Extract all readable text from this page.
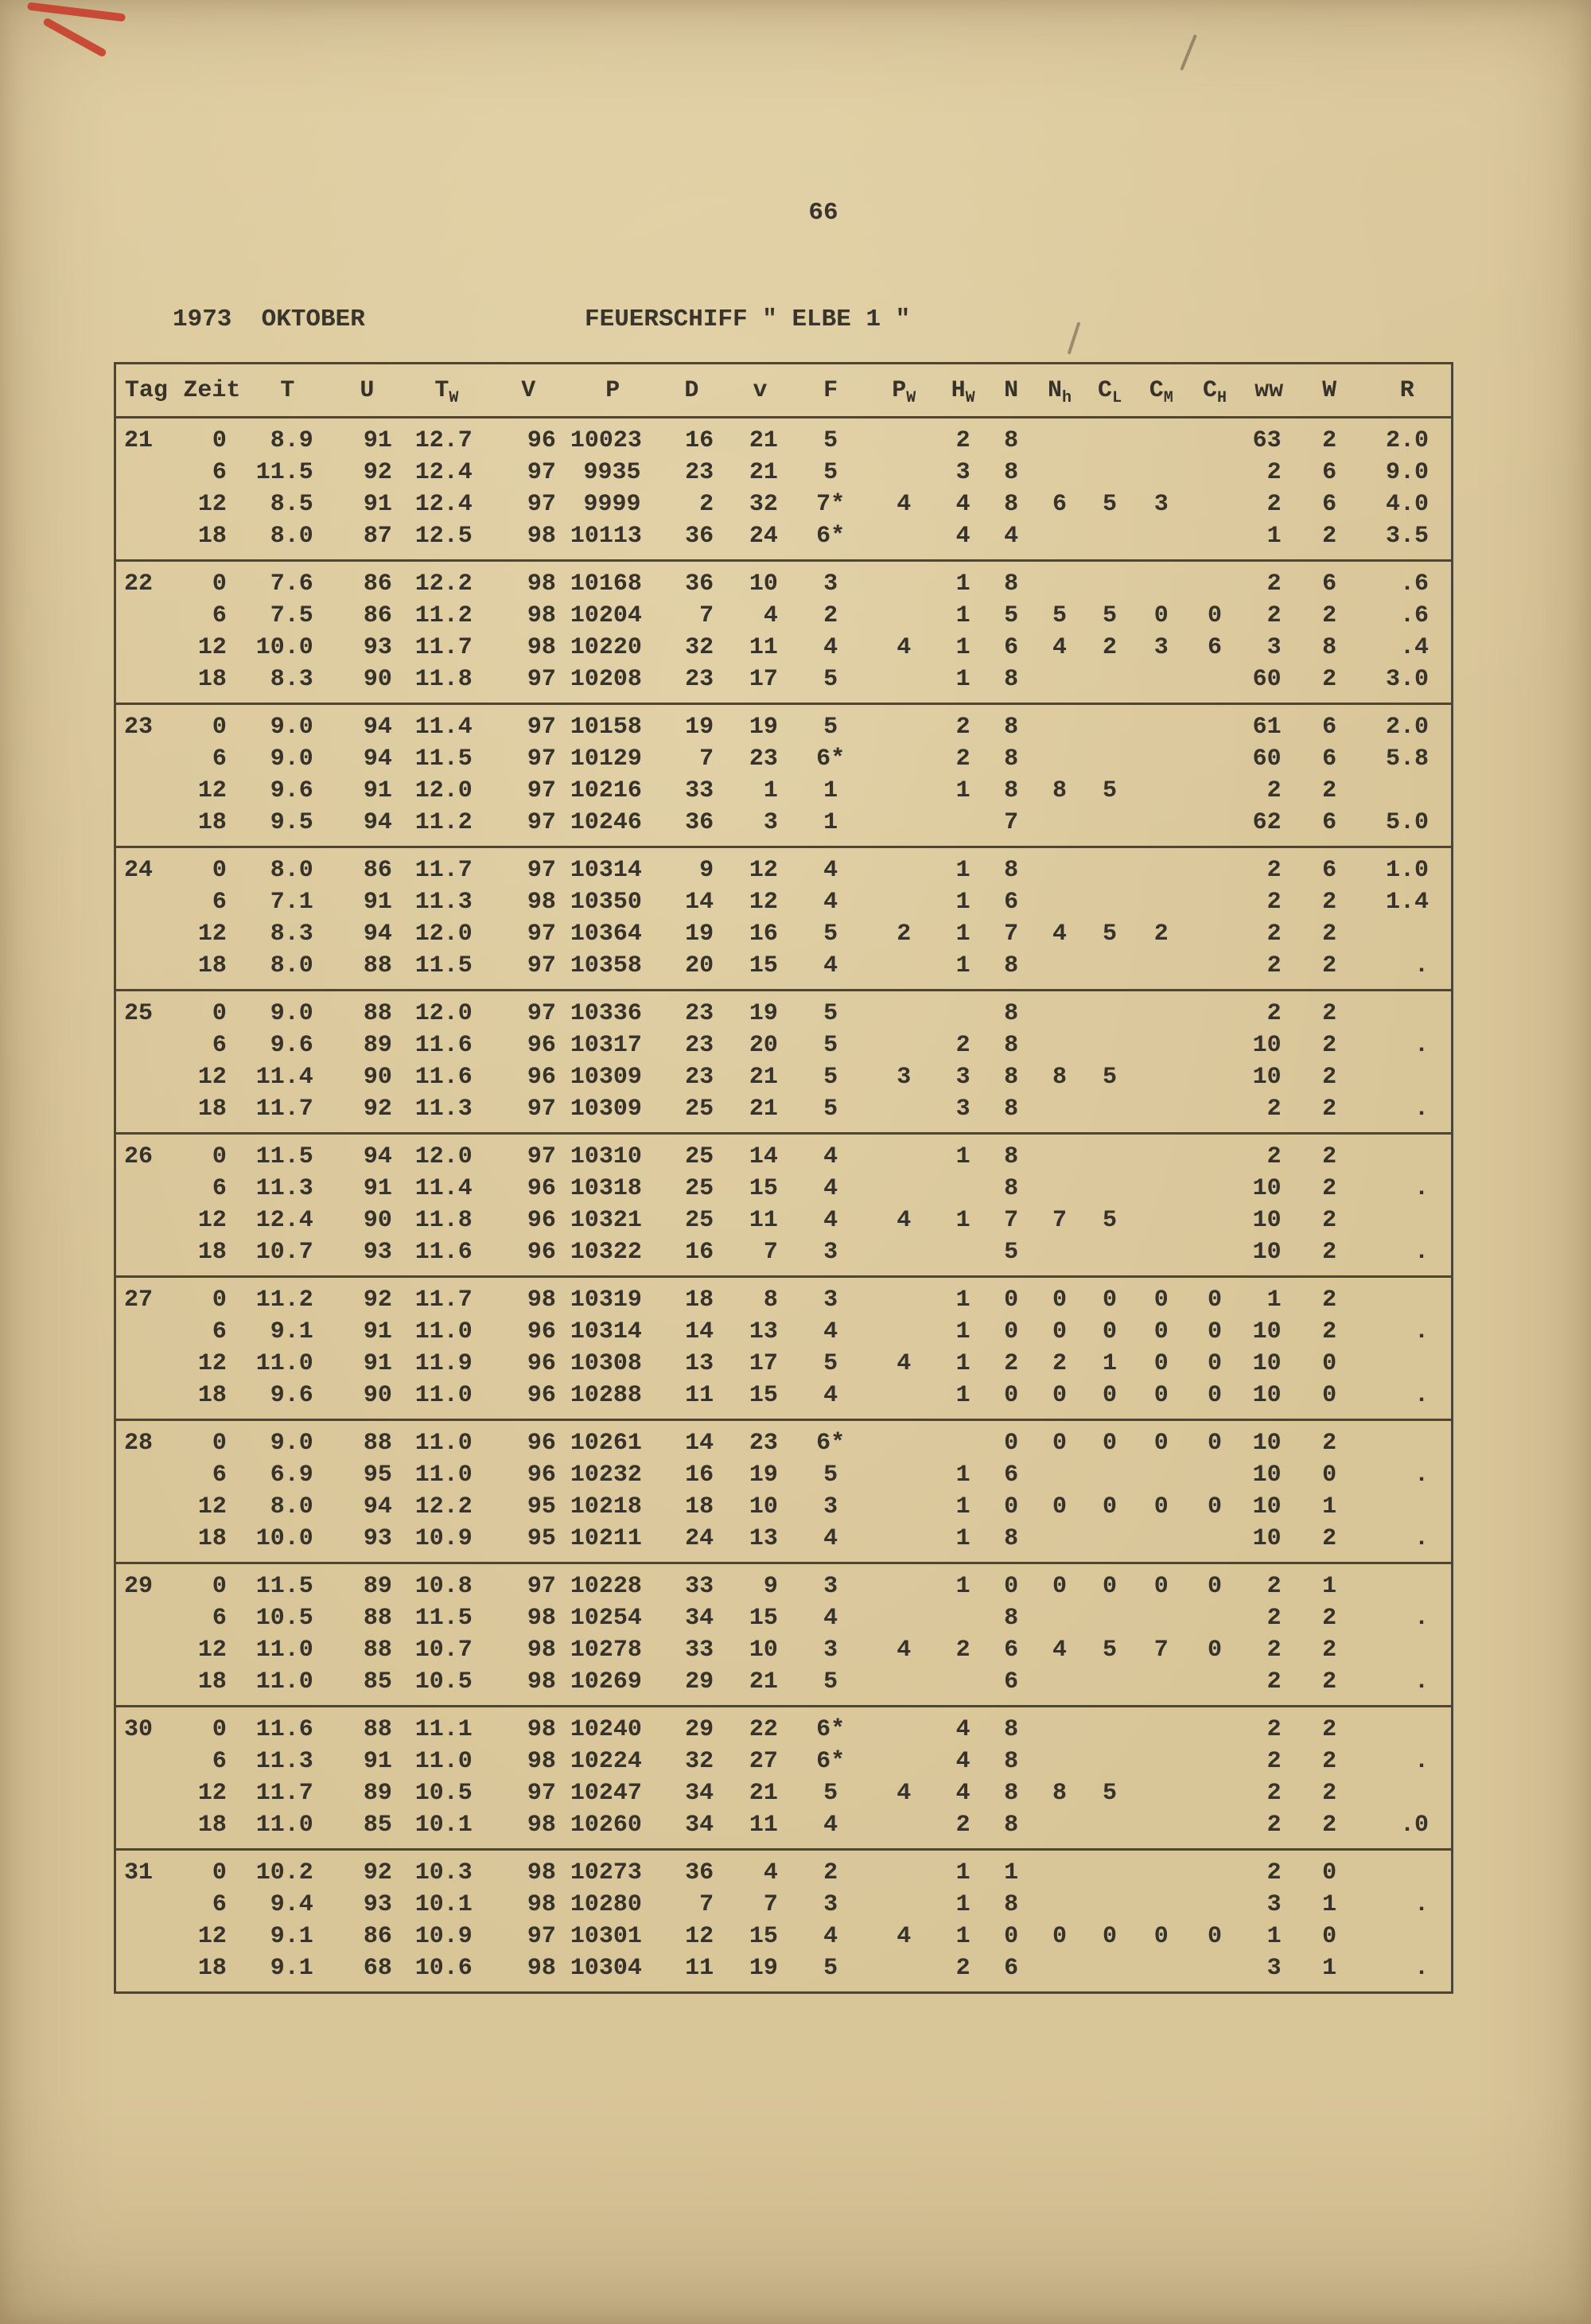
66
1973  OKTOBER	FEUERSCHIFF " ELBE 1 "
Tag	Zeit	T	U	$T_W$	V	P	D	v	F	$P_W$	$H_W$	N	$N_h$	$C_L$	$C_M$	$C_H$	ww	W	R
21	0	8.9	91	12.7	96	10023	16	21	5		2	8					63	2	2.0
	6	11.5	92	12.4	97	9935	23	21	5		3	8					2	6	9.0
	12	8.5	91	12.4	97	9999	2	32	7*	4	4	8	6	5	3		2	6	4.0
	18	8.0	87	12.5	98	10113	36	24	6*		4	4					1	2	3.5
22	0	7.6	86	12.2	98	10168	36	10	3		1	8					2	6	.6
	6	7.5	86	11.2	98	10204	7	4	2		1	5	5	5	0	0	2	2	.6
	12	10.0	93	11.7	98	10220	32	11	4	4	1	6	4	2	3	6	3	8	.4
	18	8.3	90	11.8	97	10208	23	17	5		1	8					60	2	3.0
23	0	9.0	94	11.4	97	10158	19	19	5		2	8					61	6	2.0
	6	9.0	94	11.5	97	10129	7	23	6*		2	8					60	6	5.8
	12	9.6	91	12.0	97	10216	33	1	1		1	8	8	5			2	2	
	18	9.5	94	11.2	97	10246	36	3	1			7					62	6	5.0
24	0	8.0	86	11.7	97	10314	9	12	4		1	8					2	6	1.0
	6	7.1	91	11.3	98	10350	14	12	4		1	6					2	2	1.4
	12	8.3	94	12.0	97	10364	19	16	5	2	1	7	4	5	2		2	2	
	18	8.0	88	11.5	97	10358	20	15	4		1	8					2	2	.
25	0	9.0	88	12.0	97	10336	23	19	5			8					2	2	
	6	9.6	89	11.6	96	10317	23	20	5		2	8					10	2	.
	12	11.4	90	11.6	96	10309	23	21	5	3	3	8	8	5			10	2	
	18	11.7	92	11.3	97	10309	25	21	5		3	8					2	2	.
26	0	11.5	94	12.0	97	10310	25	14	4		1	8					2	2	
	6	11.3	91	11.4	96	10318	25	15	4			8					10	2	.
	12	12.4	90	11.8	96	10321	25	11	4	4	1	7	7	5			10	2	
	18	10.7	93	11.6	96	10322	16	7	3			5					10	2	.
27	0	11.2	92	11.7	98	10319	18	8	3		1	0	0	0	0	0	1	2	
	6	9.1	91	11.0	96	10314	14	13	4		1	0	0	0	0	0	10	2	.
	12	11.0	91	11.9	96	10308	13	17	5	4	1	2	2	1	0	0	10	0	
	18	9.6	90	11.0	96	10288	11	15	4		1	0	0	0	0	0	10	0	.
28	0	9.0	88	11.0	96	10261	14	23	6*			0	0	0	0	0	10	2	
	6	6.9	95	11.0	96	10232	16	19	5		1	6					10	0	.
	12	8.0	94	12.2	95	10218	18	10	3		1	0	0	0	0	0	10	1	
	18	10.0	93	10.9	95	10211	24	13	4		1	8					10	2	.
29	0	11.5	89	10.8	97	10228	33	9	3		1	0	0	0	0	0	2	1	
	6	10.5	88	11.5	98	10254	34	15	4			8					2	2	.
	12	11.0	88	10.7	98	10278	33	10	3	4	2	6	4	5	7	0	2	2	
	18	11.0	85	10.5	98	10269	29	21	5			6					2	2	.
30	0	11.6	88	11.1	98	10240	29	22	6*		4	8					2	2	
	6	11.3	91	11.0	98	10224	32	27	6*		4	8					2	2	.
	12	11.7	89	10.5	97	10247	34	21	5	4	4	8	8	5			2	2	
	18	11.0	85	10.1	98	10260	34	11	4		2	8					2	2	.0
31	0	10.2	92	10.3	98	10273	36	4	2		1	1					2	0	
	6	9.4	93	10.1	98	10280	7	7	3		1	8					3	1	.
	12	9.1	86	10.9	97	10301	12	15	4	4	1	0	0	0	0	0	1	0	
	18	9.1	68	10.6	98	10304	11	19	5		2	6					3	1	.
